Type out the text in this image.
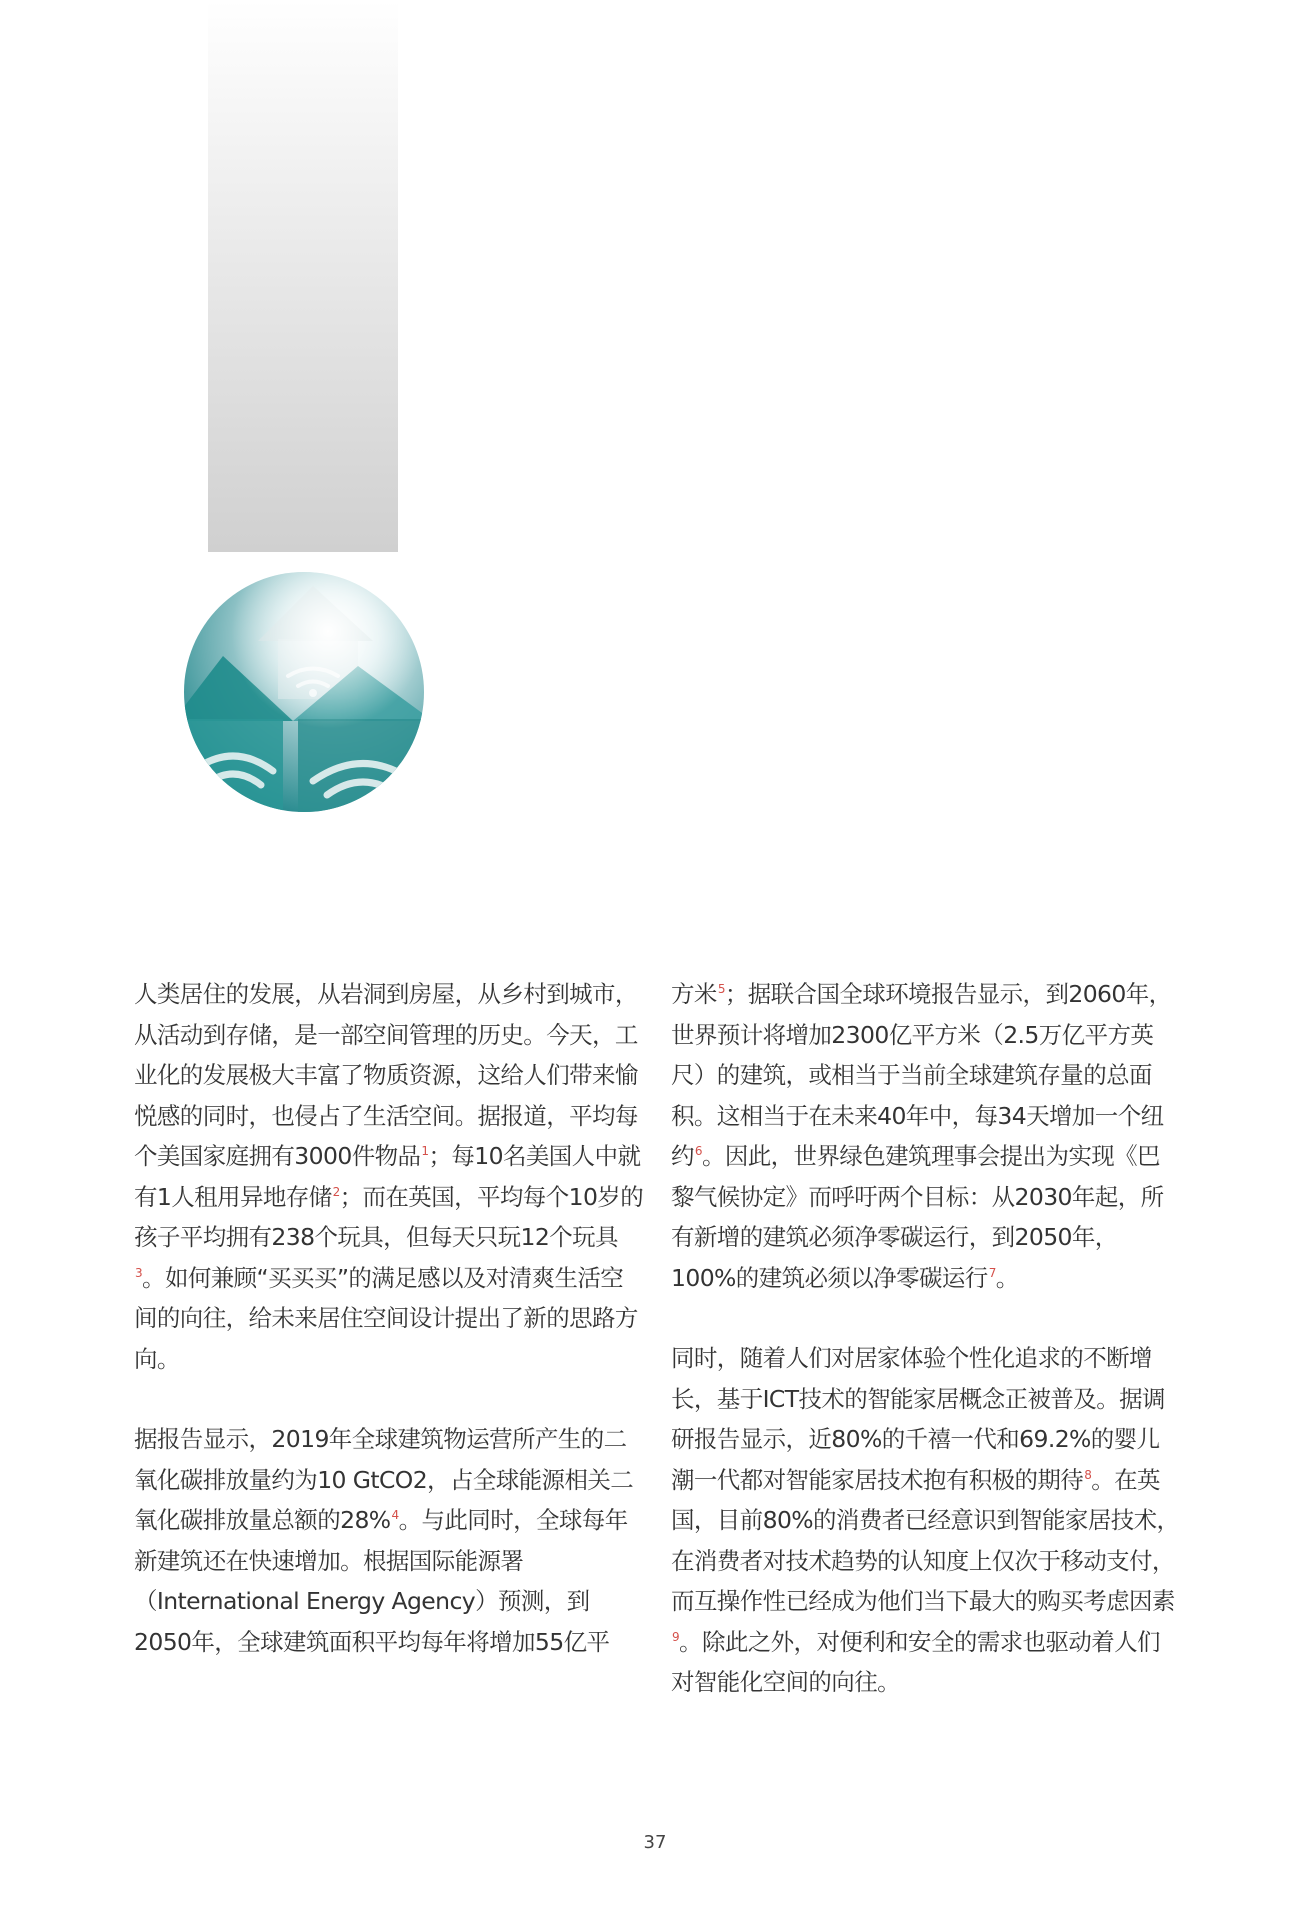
人类居住的发展，从岩洞到房屋，从乡村到城市，从活动到存储，是一部空间管理的历史。今天，工业化的发展极大丰富了物质资源，这给人们带来愉悦感的同时，也侵占了生活空间。据报道，平均每个美国家庭拥有3000件物品$^1$；每10名美国人中就有1人租用异地存储$^2$；而在英国，平均每个10岁的孩子平均拥有238个玩具，但每天只玩12个玩具$^3$。如何兼顾“买买买”的满足感以及对清爽生活空间的向往，给未来居住空间设计提出了新的思路方向。

据报告显示，2019年全球建筑物运营所产生的二氧化碳排放量约为10 GtCO2，占全球能源相关二氧化碳排放量总额的28%$^4$。与此同时，全球每年新建筑还在快速增加。根据国际能源署（International Energy Agency）预测，到2050年，全球建筑面积平均每年将增加55亿平

方米$^5$；据联合国全球环境报告显示，到2060年，世界预计将增加2300亿平方米（2.5万亿平方英尺）的建筑，或相当于当前全球建筑存量的总面积。这相当于在未来40年中，每34天增加一个纽约$^6$。因此，世界绿色建筑理事会提出为实现《巴黎气候协定》而呼吁两个目标：从2030年起，所有新增的建筑必须净零碳运行，到2050年，100%的建筑必须以净零碳运行$^7$。

同时，随着人们对居家体验个性化追求的不断增长，基于ICT技术的智能家居概念正被普及。据调研报告显示，近80%的千禧一代和69.2%的婴儿潮一代都对智能家居技术抱有积极的期待$^8$。在英国，目前80%的消费者已经意识到智能家居技术，在消费者对技术趋势的认知度上仅次于移动支付，而互操作性已经成为他们当下最大的购买考虑因素$^9$。除此之外，对便利和安全的需求也驱动着人们对智能化空间的向往。

37
